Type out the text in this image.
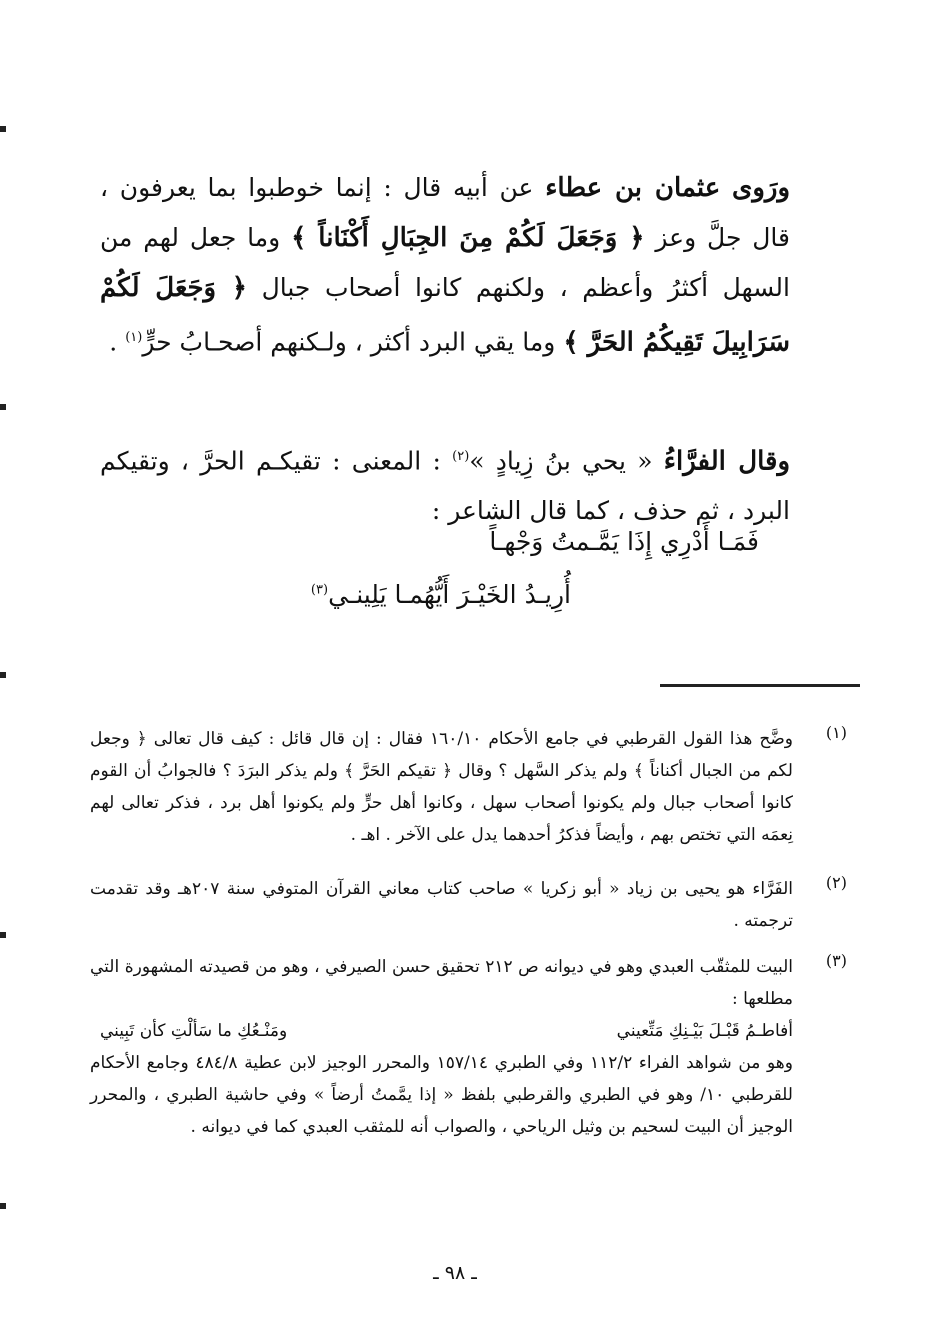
ورَوى عثمان بن عطاء عن أبيه قال : إنما خوطبوا بما يعرفون ، قال جلَّ وعز ﴿ وَجَعَلَ لَكُمْ مِنَ الجِبَالِ أَكْنَاناً ﴾ وما جعل لهم من السهل أكثرُ وأعظم ، ولكنهم كانوا أصحاب جبال ﴿ وَجَعَلَ لَكُمْ سَرَابِيلَ تَقِيكُمُ الحَرَّ ﴾ وما يقي البرد أكثر ، ولـكنهم أصحـابُ حرٍّ$^{(١)}$ .

وقال الفرَّاءُ « يحي بنُ زِيادٍ »$^{(٢)}$ : المعنى : تقيكـم الحرَّ ، وتقيكم البرد ، ثم حذف ، كما قال الشاعر :

فَمَـا أَدْرِي إِذَا يَمَّـمتُ وَجْهـاً
أُرِيـدُ الخَيْـرَ أَيُّهُمـا يَلِينـي$^{(٣)}$
(١)
وضَّح هذا القول القرطبي في جامع الأحكام ١٦٠/١٠ فقال : إن قال قائل : كيف قال تعالى ﴿ وجعل لكم من الجبال أكناناً ﴾ ولم يذكر السَّهل ؟ وقال ﴿ تقيكم الحَرَّ ﴾ ولم يذكر البرَدَ ؟ فالجوابُ أن القوم كانوا أصحاب جبال ولم يكونوا أصحاب سهل ، وكانوا أهل حرٍّ ولم يكونوا أهل برد ، فذكر تعالى لهم نِعمَه التي تختص بهم ، وأيضاً فذكرُ أحدهما يدل على الآخر . اهـ .
(٢)
الفَرَّاء هو يحيى بن زياد « أبو زكريا » صاحب كتاب معاني القرآن المتوفي سنة ٢٠٧هـ وقد تقدمت ترجمته .
(٣)
البيت للمثقّب العبدي وهو في ديوانه ص ٢١٢ تحقيق حسن الصيرفي ، وهو من قصيدته المشهورة التي مطلعها :
أفاطـمُ قَبْـلَ بَيْـنِكِ مَتِّعيني
ومَنْـعُكِ ما سَألْتِ كأن تَبِيني
وهو من شواهد الفراء ١١٢/٢ وفي الطبري ١٥٧/١٤ والمحرر الوجيز لابن عطية ٤٨٤/٨ وجامع الأحكام للقرطبي ١٠/ وهو في الطبري والقرطبي بلفظ « إذا يمَّمتُ أرضاً » وفي حاشية الطبري ، والمحرر الوجيز أن البيت لسحيم بن وثيل الرياحي ، والصواب أنه للمثقب العبدي كما في ديوانه .
ـ ٩٨ ـ
